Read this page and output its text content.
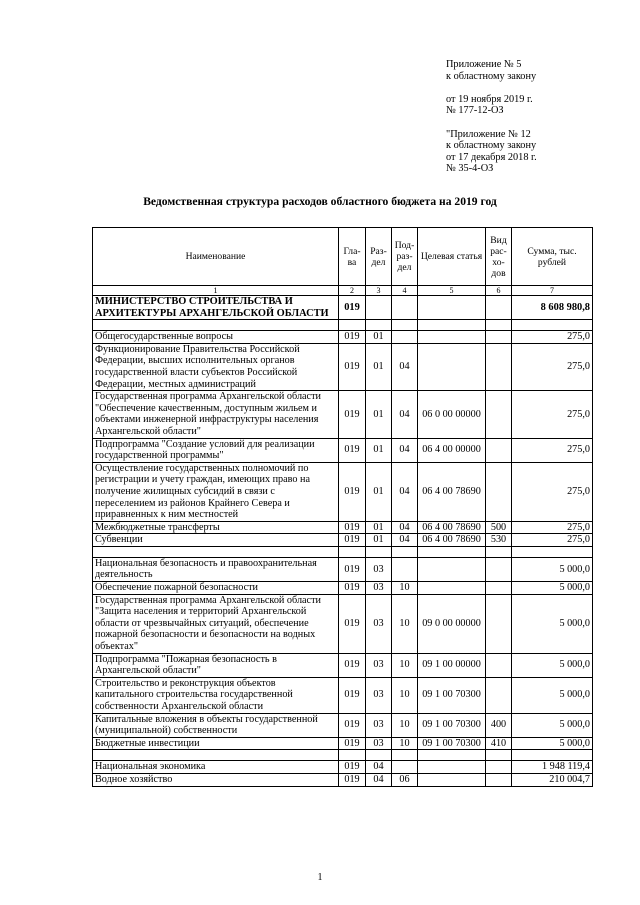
Приложение № 5
к областному закону
от 19 ноября 2019 г.
№ 177-12-ОЗ
"Приложение № 12
к областному закону
от 17 декабря 2018 г.
№ 35-4-ОЗ
Ведомственная структура расходов областного бюджета на 2019 год
Наименование	Гла-ва	Раз-дел	Под-раз-дел	Целевая статья	Вид рас-хо-дов	Сумма, тыс. рублей
1	2	3	4	5	6	7
МИНИСТЕРСТВО СТРОИТЕЛЬСТВА И АРХИТЕКТУРЫ АРХАНГЕЛЬСКОЙ ОБЛАСТИ	019					8 608 980,8

Общегосударственные вопросы	019	01				275,0
Функционирование Правительства Российской Федерации, высших исполнительных органов государственной власти субъектов Российской Федерации, местных администраций	019	01	04			275,0
Государственная программа Архангельской области "Обеспечение качественным, доступным жильем и объектами инженерной инфраструктуры населения Архангельской области"	019	01	04	06 0 00 00000		275,0
Подпрограмма "Создание условий для реализации государственной программы"	019	01	04	06 4 00 00000		275,0
Осуществление государственных полномочий по регистрации и учету граждан, имеющих право на получение жилищных субсидий в связи с переселением из районов Крайнего Севера и приравненных к ним местностей	019	01	04	06 4 00 78690		275,0
Межбюджетные трансферты	019	01	04	06 4 00 78690	500	275,0
Субвенции	019	01	04	06 4 00 78690	530	275,0

Национальная безопасность и правоохранительная деятельность	019	03				5 000,0
Обеспечение пожарной безопасности	019	03	10			5 000,0
Государственная программа Архангельской области "Защита населения и территорий Архангельской области от чрезвычайных ситуаций, обеспечение пожарной безопасности и безопасности на водных объектах"	019	03	10	09 0 00 00000		5 000,0
Подпрограмма "Пожарная безопасность в Архангельской области"	019	03	10	09 1 00 00000		5 000,0
Строительство и реконструкция объектов капитального строительства государственной собственности Архангельской области	019	03	10	09 1 00 70300		5 000,0
Капитальные вложения в объекты государственной (муниципальной) собственности	019	03	10	09 1 00 70300	400	5 000,0
Бюджетные инвестиции	019	03	10	09 1 00 70300	410	5 000,0

Национальная экономика	019	04				1 948 119,4
Водное хозяйство	019	04	06			210 004,7
1
